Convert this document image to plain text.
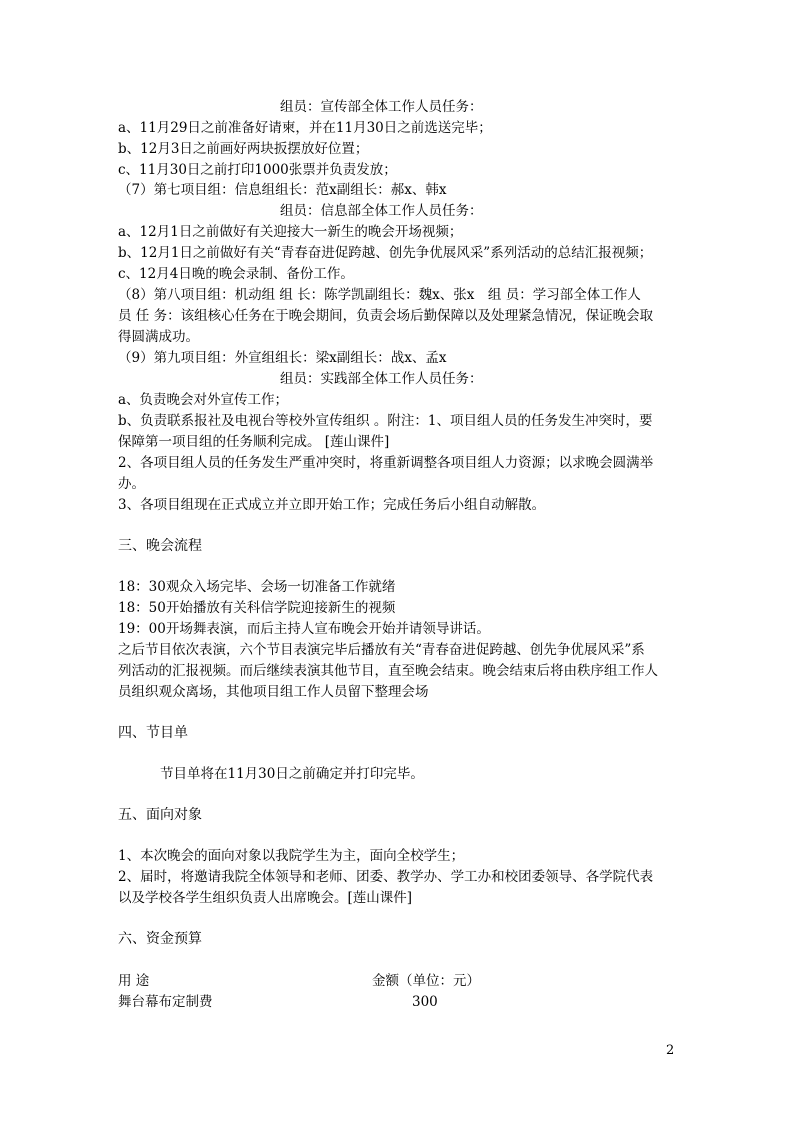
组员：宣传部全体工作人员任务：
a、11月29日之前准备好请柬，并在11月30日之前选送完毕；
b、12月3日之前画好两块扳摆放好位置；
c、11月30日之前打印1000张票并负责发放；
（7）第七项目组：信息组组长：范x副组长：郝x、韩x
组员：信息部全体工作人员任务：
a、12月1日之前做好有关迎接大一新生的晚会开场视频；
b、12月1日之前做好有关“青春奋进促跨越、创先争优展风采”系列活动的总结汇报视频；
c、12月4日晚的晚会录制、备份工作。
（8）第八项目组：机动组 组 长：陈学凯副组长：魏x、张x　组 员：学习部全体工作人
员 任 务：该组核心任务在于晚会期间，负责会场后勤保障以及处理紧急情况，保证晚会取
得圆满成功。
（9）第九项目组：外宣组组长：梁x副组长：战x、孟x
组员：实践部全体工作人员任务：
a、负责晚会对外宣传工作；
b、负责联系报社及电视台等校外宣传组织 。附注：1、项目组人员的任务发生冲突时，要
保障第一项目组的任务顺利完成。 [莲山课件]
2、各项目组人员的任务发生严重冲突时，将重新调整各项目组人力资源；以求晚会圆满举
办。
3、各项目组现在正式成立并立即开始工作；完成任务后小组自动解散。
三、晚会流程
18：30观众入场完毕、会场一切准备工作就绪
18：50开始播放有关科信学院迎接新生的视频
19：00开场舞表演，而后主持人宣布晚会开始并请领导讲话。
之后节目依次表演，六个节目表演完毕后播放有关“青春奋进促跨越、创先争优展风采”系
列活动的汇报视频。而后继续表演其他节目，直至晚会结束。晚会结束后将由秩序组工作人
员组织观众离场，其他项目组工作人员留下整理会场
四、节目单
节目单将在11月30日之前确定并打印完毕。
五、面向对象
1、本次晚会的面向对象以我院学生为主，面向全校学生；
2、届时，将邀请我院全体领导和老师、团委、教学办、学工办和校团委领导、各学院代表
以及学校各学生组织负责人出席晚会。[莲山课件]
六、资金预算
用 途	金额（单位：元）
舞台幕布定制费	300
2
